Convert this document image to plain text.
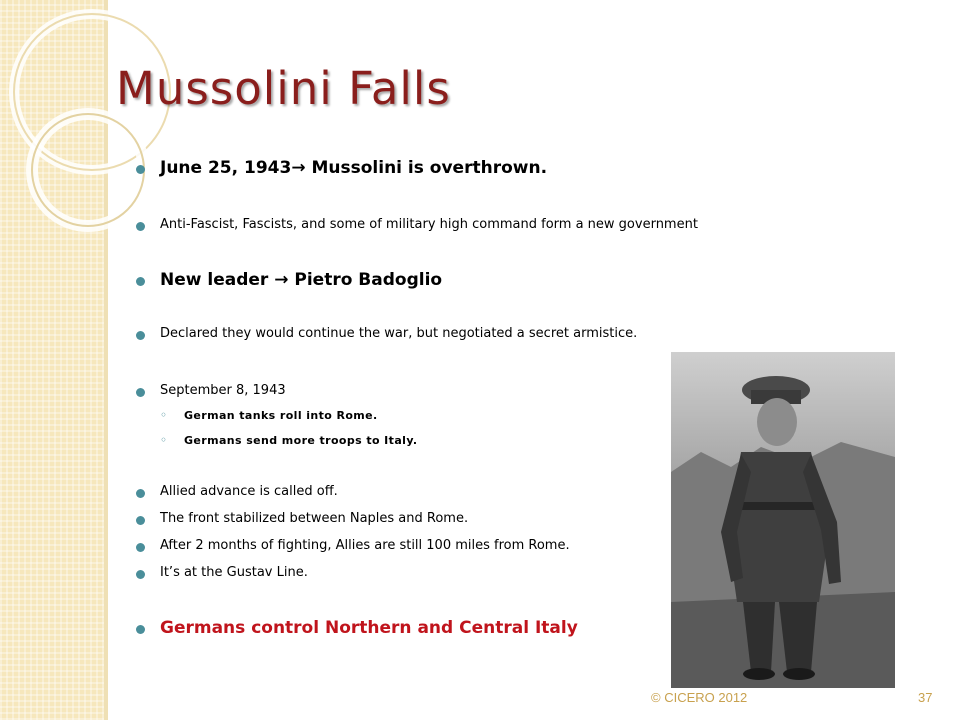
Mussolini Falls
June 25, 1943→ Mussolini is overthrown.
Anti-Fascist, Fascists, and some of military high command form a new government
New leader → Pietro Badoglio
Declared they would continue the war, but negotiated a secret armistice.
September 8, 1943
◦ German tanks roll into Rome.
◦ Germans send more troops to Italy.
Allied advance is called off.
The front stabilized between Naples and Rome.
After 2 months of fighting, Allies are still 100 miles from Rome.
It’s at the Gustav Line.
Germans control Northern and Central Italy
© CICERO 2012	37
